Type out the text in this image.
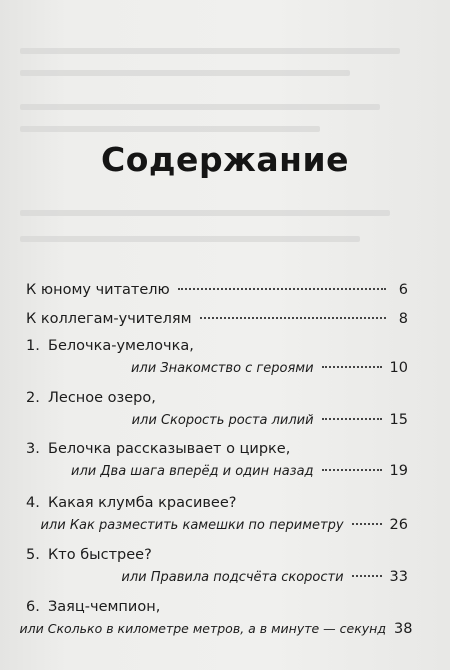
Содержание
К юному читателю	6
К коллегам-учителям	8
1. Белочка-умелочка,
или Знакомство с героями	10
2. Лесное озеро,
или Скорость роста лилий	15
3. Белочка рассказывает о цирке,
или Два шага вперёд и один назад	19
4. Какая клумба красивее?
или Как разместить камешки по периметру	26
5. Кто быстрее?
или Правила подсчёта скорости	33
6. Заяц-чемпион,
или Сколько в километре метров, а в минуте — секунд 38
